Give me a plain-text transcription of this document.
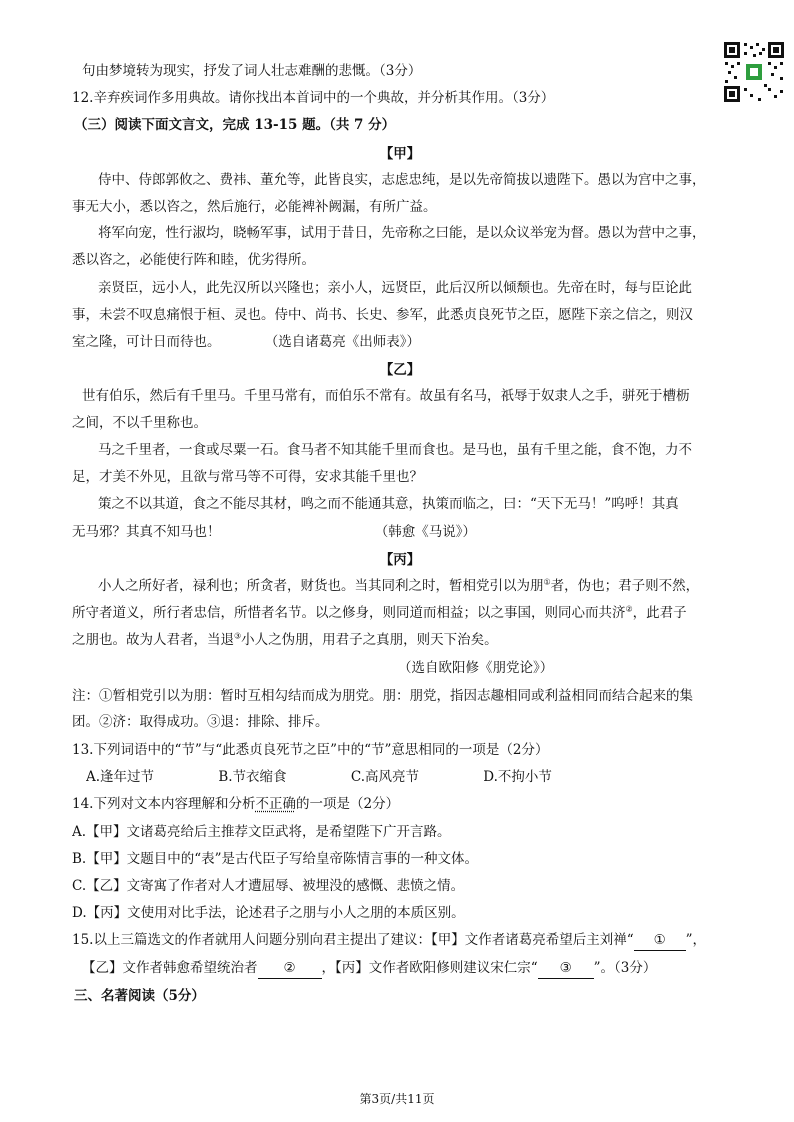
句由梦境转为现实，抒发了词人壮志难酬的悲慨。（3分）
12.辛弃疾词作多用典故。请你找出本首词中的一个典故，并分析其作用。（3分）
（三）阅读下面文言文，完成 13-15 题。（共 7 分）
【甲】
侍中、侍郎郭攸之、费祎、董允等，此皆良实，志虑忠纯，是以先帝简拔以遗陛下。愚以为宫中之事，
事无大小，悉以咨之，然后施行，必能裨补阙漏，有所广益。
将军向宠，性行淑均，晓畅军事，试用于昔日，先帝称之曰能，是以众议举宠为督。愚以为营中之事，
悉以咨之，必能使行阵和睦，优劣得所。
亲贤臣，远小人，此先汉所以兴隆也；亲小人，远贤臣，此后汉所以倾颓也。先帝在时，每与臣论此
事，未尝不叹息痛恨于桓、灵也。侍中、尚书、长史、参军，此悉贞良死节之臣，愿陛下亲之信之，则汉
室之隆，可计日而待也。	（选自诸葛亮《出师表》）
【乙】
世有伯乐，然后有千里马。千里马常有，而伯乐不常有。故虽有名马，祇辱于奴隶人之手，骈死于槽枥
之间，不以千里称也。
马之千里者，一食或尽粟一石。食马者不知其能千里而食也。是马也，虽有千里之能，食不饱，力不
足，才美不外见，且欲与常马等不可得，安求其能千里也？
策之不以其道，食之不能尽其材，鸣之而不能通其意，执策而临之，曰：“天下无马！”呜呼！其真
无马邪？其真不知马也！	（韩愈《马说》）
【丙】
小人之所好者，禄利也；所贪者，财货也。当其同利之时，暂相党引以为朋①者，伪也；君子则不然，
所守者道义，所行者忠信，所惜者名节。以之修身，则同道而相益；以之事国，则同心而共济②，此君子
之朋也。故为人君者，当退③小人之伪朋，用君子之真朋，则天下治矣。
（选自欧阳修《朋党论》）
注：①暂相党引以为朋：暂时互相勾结而成为朋党。朋：朋党，指因志趣相同或利益相同而结合起来的集
团。②济：取得成功。③退：排除、排斥。
13.下列词语中的“节”与“此悉贞良死节之臣”中的“节”意思相同的一项是（2分）
A.逢年过节	B.节衣缩食	C.高风亮节	D.不拘小节
14.下列对文本内容理解和分析不正确的一项是（2分）
A.【甲】文诸葛亮给后主推荐文臣武将，是希望陛下广开言路。
B.【甲】文题目中的“表”是古代臣子写给皇帝陈情言事的一种文体。
C.【乙】文寄寓了作者对人才遭屈辱、被埋没的感慨、悲愤之情。
D.【丙】文使用对比手法，论述君子之朋与小人之朋的本质区别。
15.以上三篇选文的作者就用人问题分别向君主提出了建议：【甲】文作者诸葛亮希望后主刘禅“ ① ”，
【乙】文作者韩愈希望统治者 ② ，【丙】文作者欧阳修则建议宋仁宗“ ③ ”。（3分）
三、名著阅读（5分）
第3页/共11页
